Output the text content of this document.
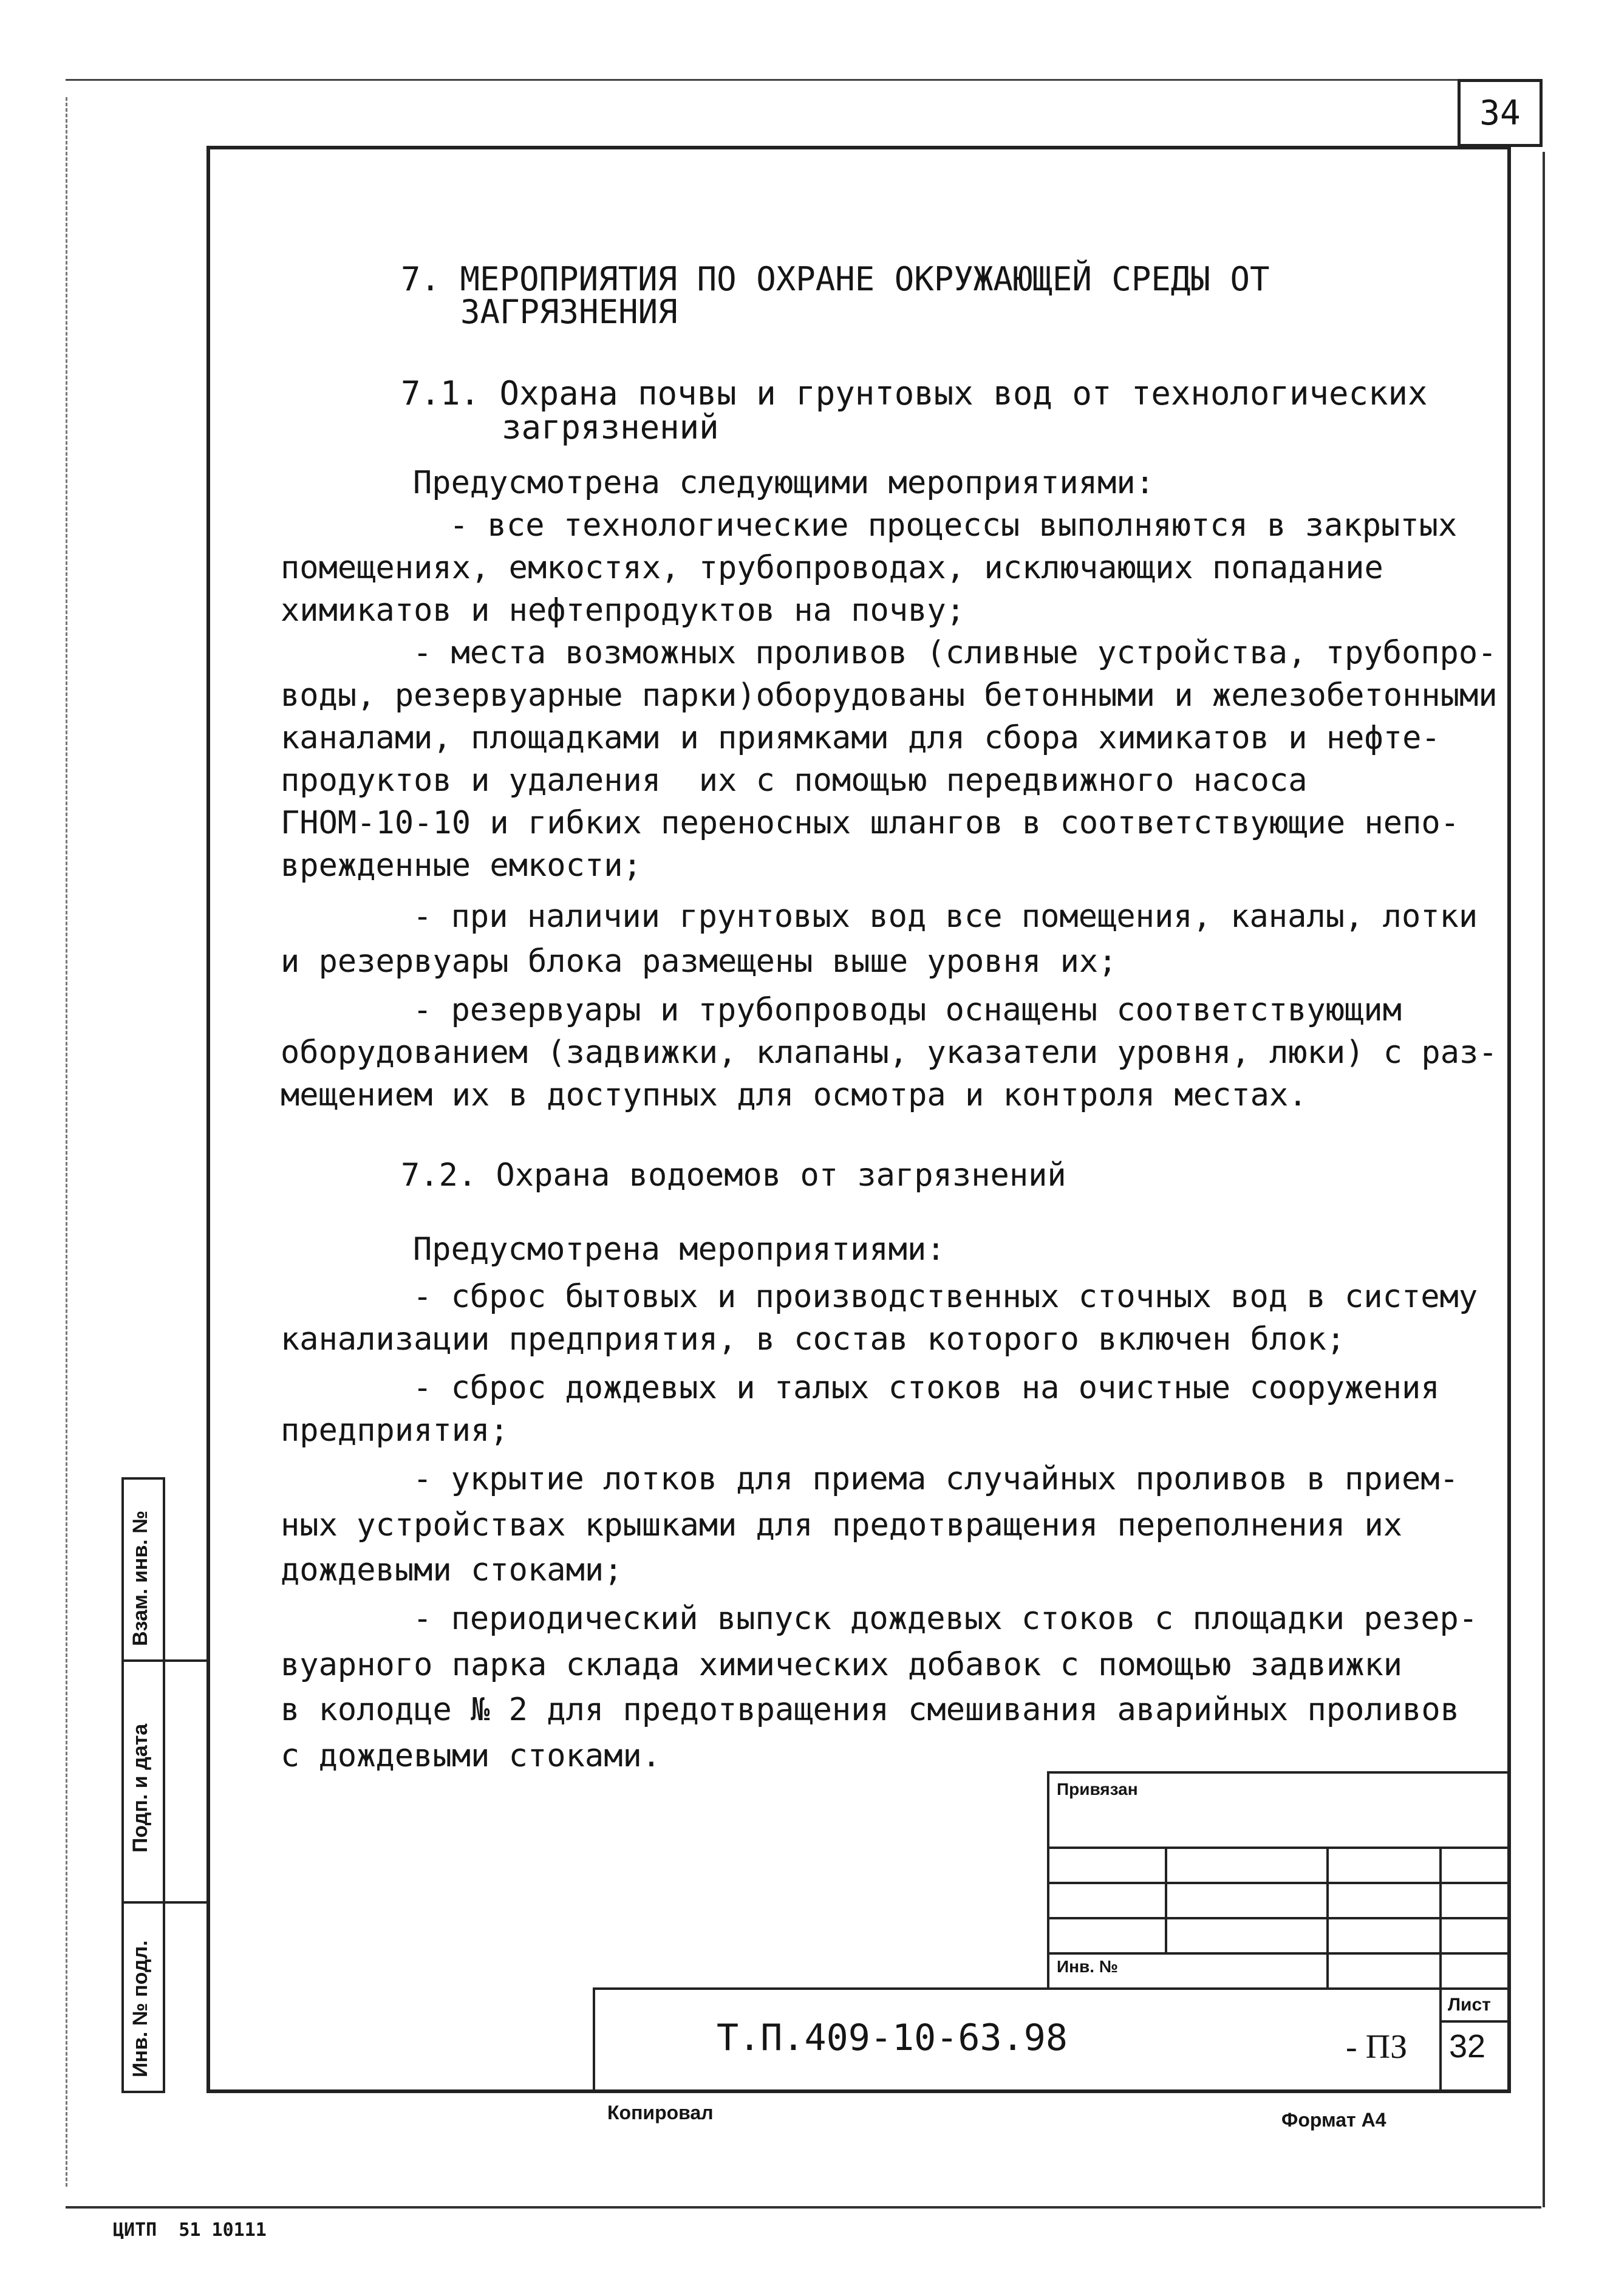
34
Взам. инв. №
Подп. и дата
Инв. № подл.
7. МЕРОПРИЯТИЯ ПО ОХРАНЕ ОКРУЖАЮЩЕЙ СРЕДЫ ОТ
ЗАГРЯЗНЕНИЯ
7.1. Охрана почвы и грунтовых вод от технологических
загрязнений
Предусмотрена следующими мероприятиями:
- все технологические процессы выполняются в закрытых
помещениях, емкостях, трубопроводах, исключающих попадание
химикатов и нефтепродуктов на почву;
- места возможных проливов (сливные устройства, трубопро-
воды, резервуарные парки)оборудованы бетонными и железобетонными
каналами, площадками и приямками для сбора химикатов и нефте-
продуктов и удаления  их с помощью передвижного насоса
ГНОМ-10-10 и гибких переносных шлангов в соответствующие непо-
врежденные емкости;
- при наличии грунтовых вод все помещения, каналы, лотки
и резервуары блока размещены выше уровня их;
- резервуары и трубопроводы оснащены соответствующим
оборудованием (задвижки, клапаны, указатели уровня, люки) с раз-
мещением их в доступных для осмотра и контроля местах.
7.2. Охрана водоемов от загрязнений
Предусмотрена мероприятиями:
- сброс бытовых и производственных сточных вод в систему
канализации предприятия, в состав которого включен блок;
- сброс дождевых и талых стоков на очистные сооружения
предприятия;
- укрытие лотков для приема случайных проливов в прием-
ных устройствах крышками для предотвращения переполнения их
дождевыми стоками;
- периодический выпуск дождевых стоков с площадки резер-
вуарного парка склада химических добавок с помощью задвижки
в колодце № 2 для предотвращения смешивания аварийных проливов
с дождевыми стоками.
Привязан
Инв. №
Лист
Т.П.409-10-63.98	- ПЗ 32
Копировал	Формат А4
ЦИТП  51 10111
